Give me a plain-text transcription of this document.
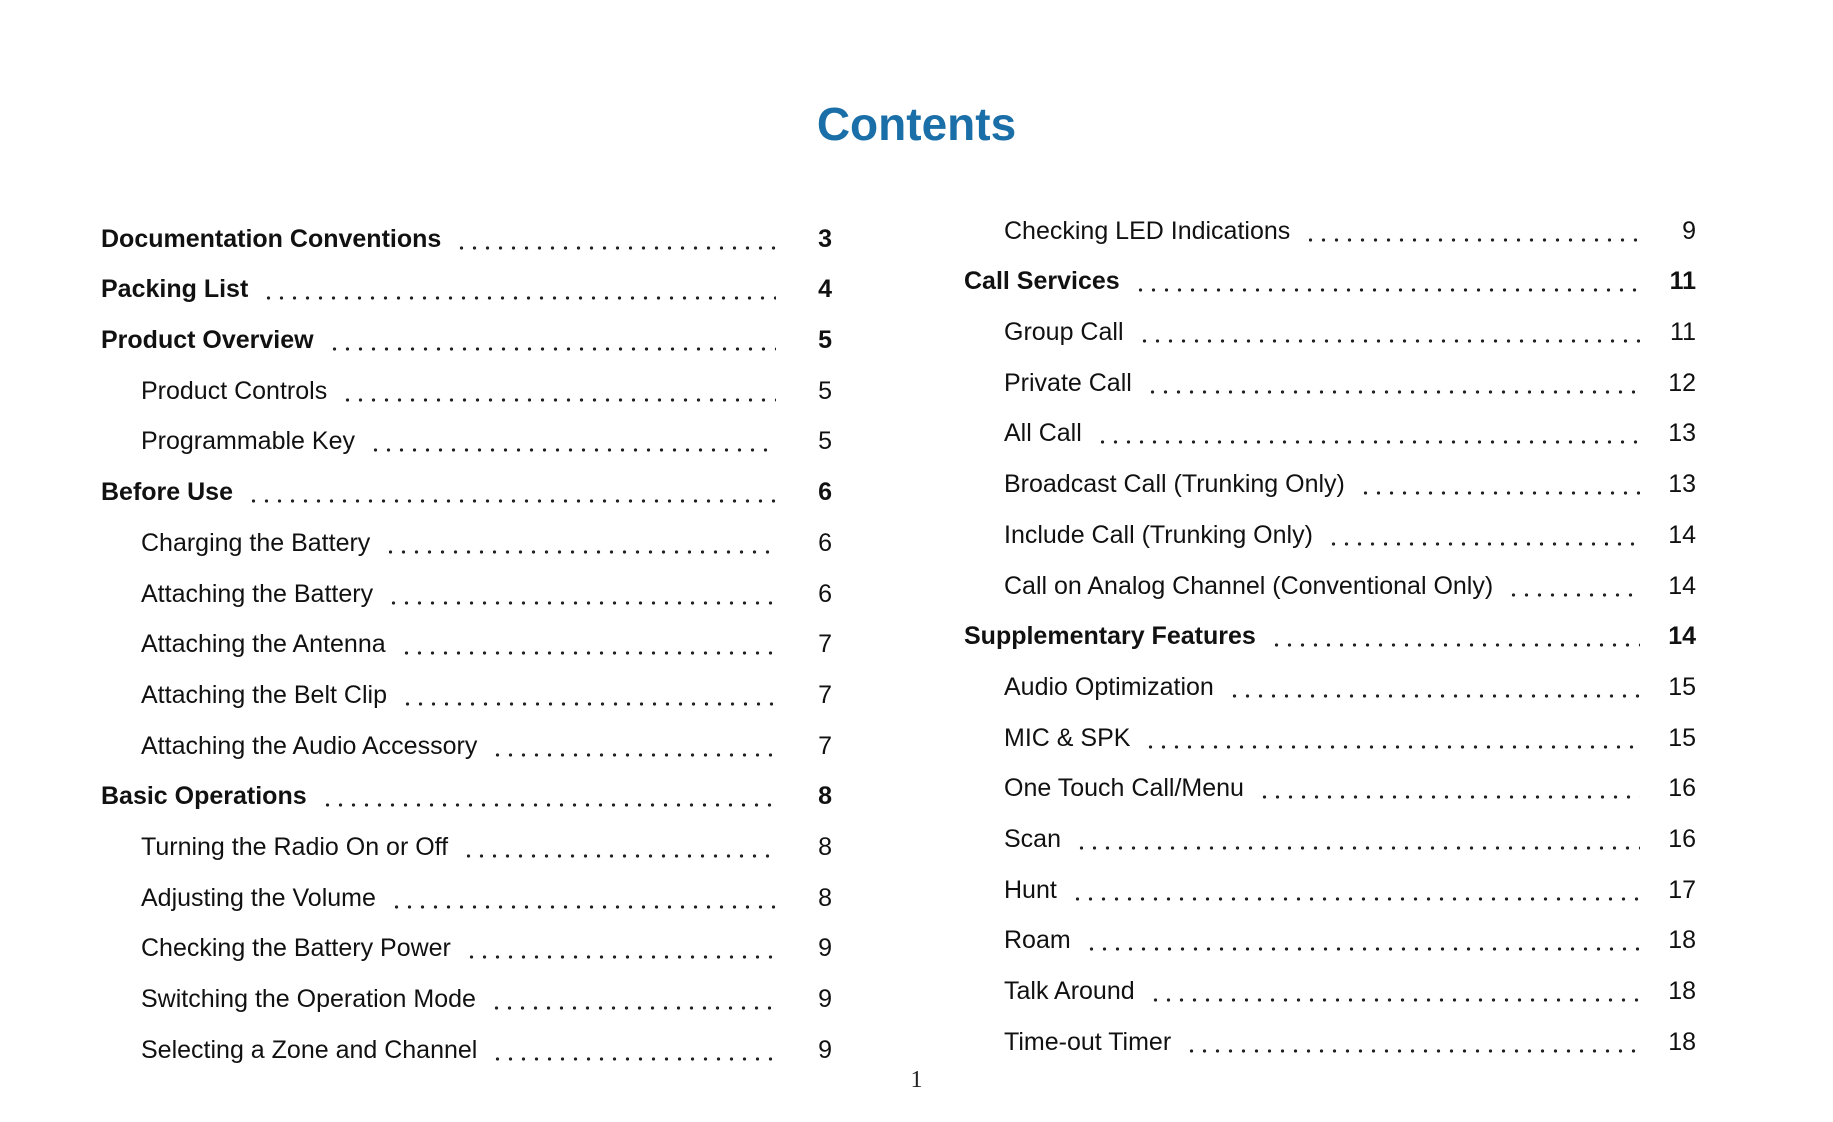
Contents
Documentation Conventions	3
Packing List	4
Product Overview	5
Product Controls	5
Programmable Key	5
Before Use	6
Charging the Battery	6
Attaching the Battery	6
Attaching the Antenna	7
Attaching the Belt Clip	7
Attaching the Audio Accessory	7
Basic Operations	8
Turning the Radio On or Off	8
Adjusting the Volume	8
Checking the Battery Power	9
Switching the Operation Mode	9
Selecting a Zone and Channel	9
Checking LED Indications	9
Call Services	11
Group Call	11
Private Call	12
All Call	13
Broadcast Call (Trunking Only)	13
Include Call (Trunking Only)	14
Call on Analog Channel (Conventional Only)	14
Supplementary Features	14
Audio Optimization	15
MIC & SPK	15
One Touch Call/Menu	16
Scan	16
Hunt	17
Roam	18
Talk Around	18
Time-out Timer	18
1
